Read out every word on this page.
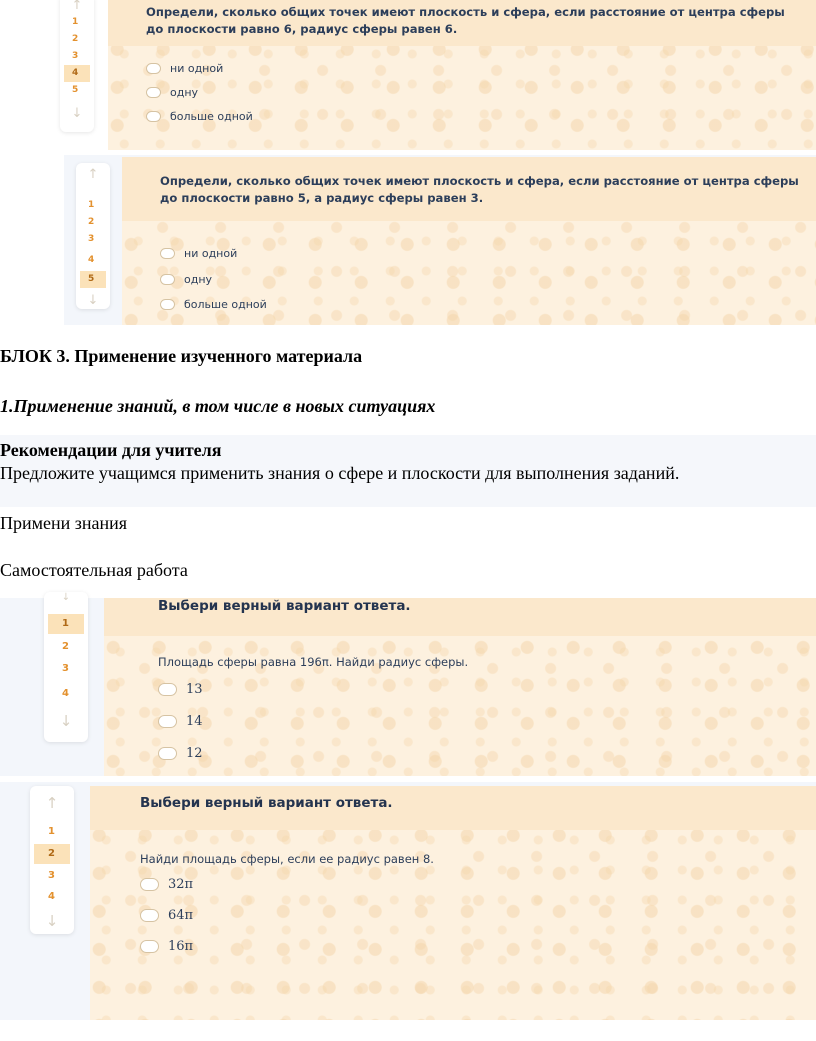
↑
1
2
3
4
5
↓
Определи, сколько общих точек имеют плоскость и сфера, если расстояние от центра сферы до плоскости равно 6, радиус сферы равен 6.
ни одной
одну
больше одной
↑
1
2
3
4
5
↓
Определи, сколько общих точек имеют плоскость и сфера, если расстояние от центра сферы до плоскости равно 5, а радиус сферы равен 3.
ни одной
одну
больше одной
БЛОК 3. Применение изученного материала
1.Применение знаний, в том числе в новых ситуациях
Рекомендации для учителя
Предложите учащимся применить знания о сфере и плоскости для выполнения заданий.
Примени знания
Самостоятельная работа
↓
1
2
3
4
↓
Выбери верный вариант ответа.
Площадь сферы равна 196π. Найди радиус сферы.
13
14
12
↑
1
2
3
4
↓
Выбери верный вариант ответа.
Найди площадь сферы, если ее радиус равен 8.
32π
64π
16π
